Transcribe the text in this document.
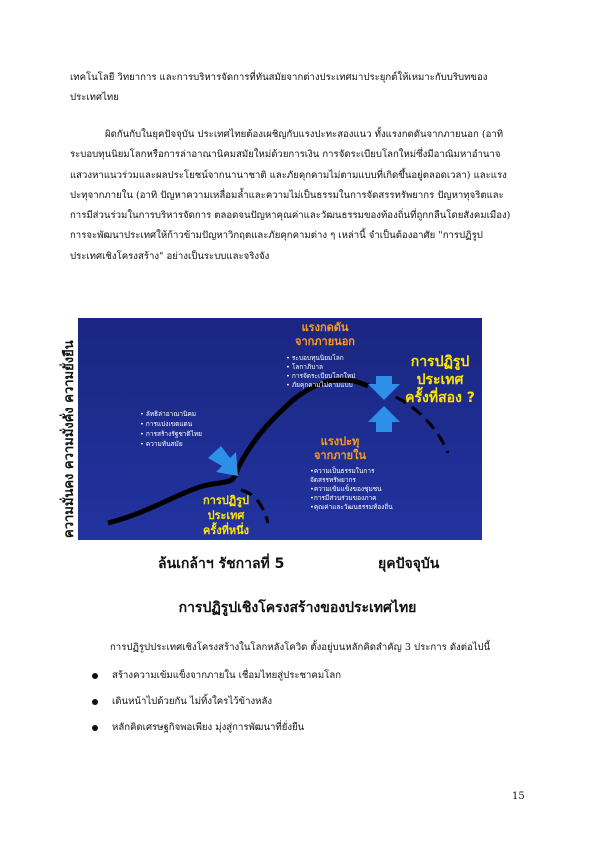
เทคโนโลยี วิทยาการ และการบริหารจัดการที่ทันสมัยจากต่างประเทศมาประยุกต์ให้เหมาะกับบริบทของ
ประเทศไทย
ผิดกันกับในยุคปัจจุบัน ประเทศไทยต้องเผชิญกับแรงปะทะสองแนว ทั้งแรงกดดันจากภายนอก (อาทิ
ระบอบทุนนิยมโลกหรือการล่าอาณานิคมสมัยใหม่ด้วยการเงิน การจัดระเบียบโลกใหม่ซึ่งมีอาณิมหาอำนาจ
แสวงหาแนวร่วมและผลประโยชน์จากนานาชาติ และภัยคุกคามไม่ตามแบบที่เกิดขึ้นอยู่ตลอดเวลา) และแรง
ปะทุจากภายใน (อาทิ ปัญหาความเหลื่อมล้ำและความไม่เป็นธรรมในการจัดสรรทรัพยากร ปัญหาทุจริตและ
การมีส่วนร่วมในการบริหารจัดการ ตลอดจนปัญหาคุณค่าและวัฒนธรรมของท้องถิ่นที่ถูกกลืนโดยสังคมเมือง)
การจะพัฒนาประเทศให้ก้าวข้ามปัญหาวิกฤตและภัยคุกคามต่าง ๆ เหล่านี้ จำเป็นต้องอาศัย "การปฏิรูป
ประเทศเชิงโครงสร้าง" อย่างเป็นระบบและจริงจัง
ความมั่นคง ความมั่งคั่ง ความยั่งยืน	• ลัทธิล่าอาณานิคม
• การแบ่งเขตแดน
• การสร้างรัฐชาติไทย
• ความทันสมัย
การปฏิรูป
ประเทศ
ครั้งที่หนึ่ง
แรงกดดัน
จากภายนอก
• ระบอบทุนนิยมโลก
• โลกาภิบาล
• การจัดระเบียบโลกใหม่
• ภัยคุกคามไม่ตามแบบ
การปฏิรูป
ประเทศ
ครั้งที่สอง ?
แรงปะทุ
จากภายใน
•ความเป็นธรรมในการ
จัดสรรทรัพยากร
•ความเข้มแข็งของชุมชน
•การมีส่วนร่วมของภาค
•คุณค่าและวัฒนธรรมท้องถิ่น
ล้นเกล้าฯ รัชกาลที่ 5	ยุคปัจจุบัน
การปฏิรูปเชิงโครงสร้างของประเทศไทย
การปฏิรูปประเทศเชิงโครงสร้างในโลกหลังโควิด ตั้งอยู่บนหลักคิดสำคัญ 3 ประการ ดังต่อไปนี้
สร้างความเข้มแข็งจากภายใน เชื่อมไทยสู่ประชาคมโลก
เดินหน้าไปด้วยกัน ไม่ทิ้งใครไว้ข้างหลัง
หลักคิดเศรษฐกิจพอเพียง มุ่งสู่การพัฒนาที่ยั่งยืน
15
